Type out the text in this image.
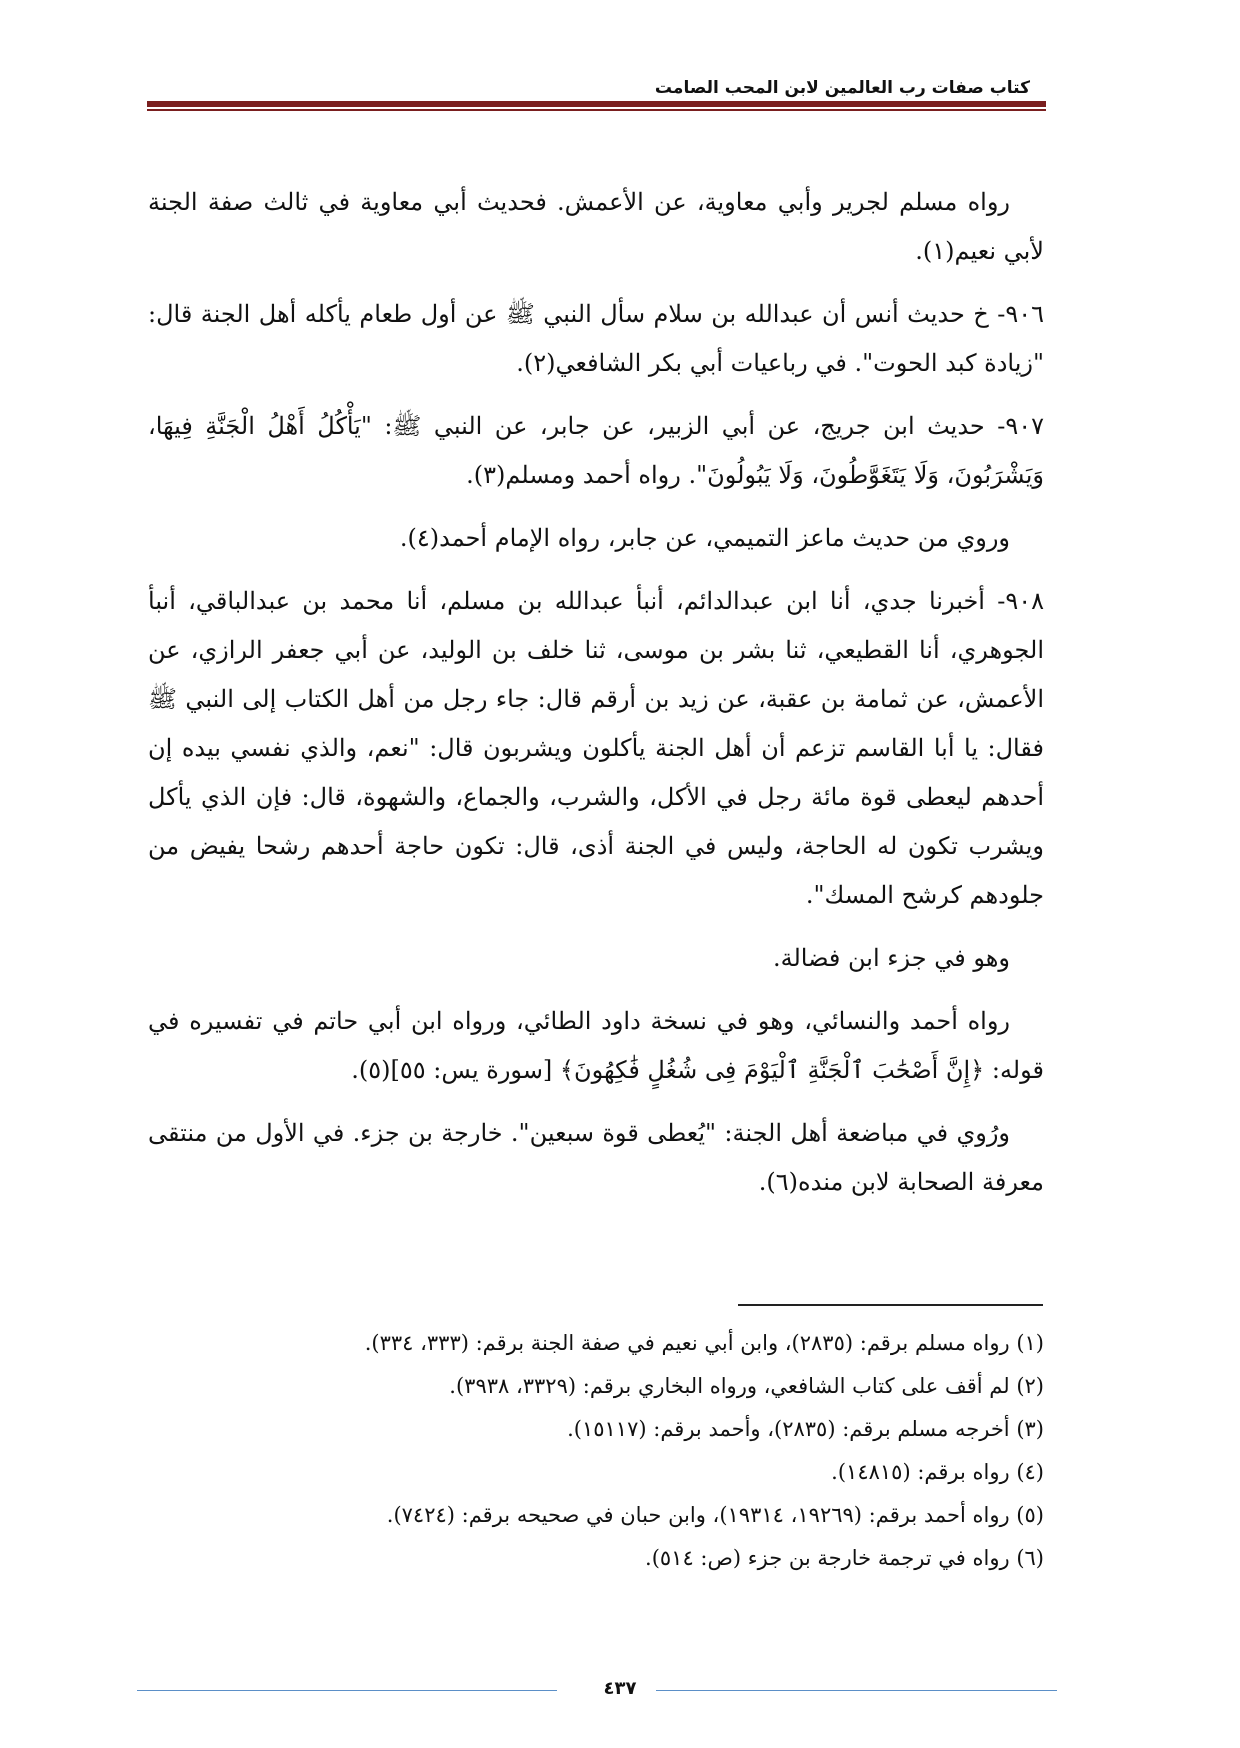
كتاب صفات رب العالمين لابن المحب الصامت

رواه مسلم لجرير وأبي معاوية، عن الأعمش. فحديث أبي معاوية في ثالث صفة الجنة لأبي نعيم(١).

٩٠٦- خ حديث أنس أن عبدالله بن سلام سأل النبي ﷺ عن أول طعام يأكله أهل الجنة قال: "زيادة كبد الحوت". في رباعيات أبي بكر الشافعي(٢).

٩٠٧- حديث ابن جريج، عن أبي الزبير، عن جابر، عن النبي ﷺ: "يَأْكُلُ أَهْلُ الْجَنَّةِ فِيهَا، وَيَشْرَبُونَ، وَلَا يَتَغَوَّطُونَ، وَلَا يَبُولُونَ". رواه أحمد ومسلم(٣).

وروي من حديث ماعز التميمي، عن جابر، رواه الإمام أحمد(٤).

٩٠٨- أخبرنا جدي، أنا ابن عبدالدائم، أنبأ عبدالله بن مسلم، أنا محمد بن عبدالباقي، أنبأ الجوهري، أنا القطيعي، ثنا بشر بن موسى، ثنا خلف بن الوليد، عن أبي جعفر الرازي، عن الأعمش، عن ثمامة بن عقبة، عن زيد بن أرقم قال: جاء رجل من أهل الكتاب إلى النبي ﷺ فقال: يا أبا القاسم تزعم أن أهل الجنة يأكلون ويشربون قال: "نعم، والذي نفسي بيده إن أحدهم ليعطى قوة مائة رجل في الأكل، والشرب، والجماع، والشهوة، قال: فإن الذي يأكل ويشرب تكون له الحاجة، وليس في الجنة أذى، قال: تكون حاجة أحدهم رشحا يفيض من جلودهم كرشح المسك".

وهو في جزء ابن فضالة.

رواه أحمد والنسائي، وهو في نسخة داود الطائي، ورواه ابن أبي حاتم في تفسيره في قوله: ﴿إِنَّ أَصْحَٰبَ ٱلْجَنَّةِ ٱلْيَوْمَ فِى شُغُلٍ فَٰكِهُونَ﴾ [سورة يس: ٥٥](٥).

ورُوي في مباضعة أهل الجنة: "يُعطى قوة سبعين". خارجة بن جزء. في الأول من منتقى معرفة الصحابة لابن منده(٦).

(١) رواه مسلم برقم: (٢٨٣٥)، وابن أبي نعيم في صفة الجنة برقم: (٣٣٣، ٣٣٤).

(٢) لم أقف على كتاب الشافعي، ورواه البخاري برقم: (٣٣٢٩، ٣٩٣٨).

(٣) أخرجه مسلم برقم: (٢٨٣٥)، وأحمد برقم: (١٥١١٧).

(٤) رواه برقم: (١٤٨١٥).

(٥) رواه أحمد برقم: (١٩٢٦٩، ١٩٣١٤)، وابن حبان في صحيحه برقم: (٧٤٢٤).

(٦) رواه في ترجمة خارجة بن جزء (ص: ٥١٤).

٤٣٧
